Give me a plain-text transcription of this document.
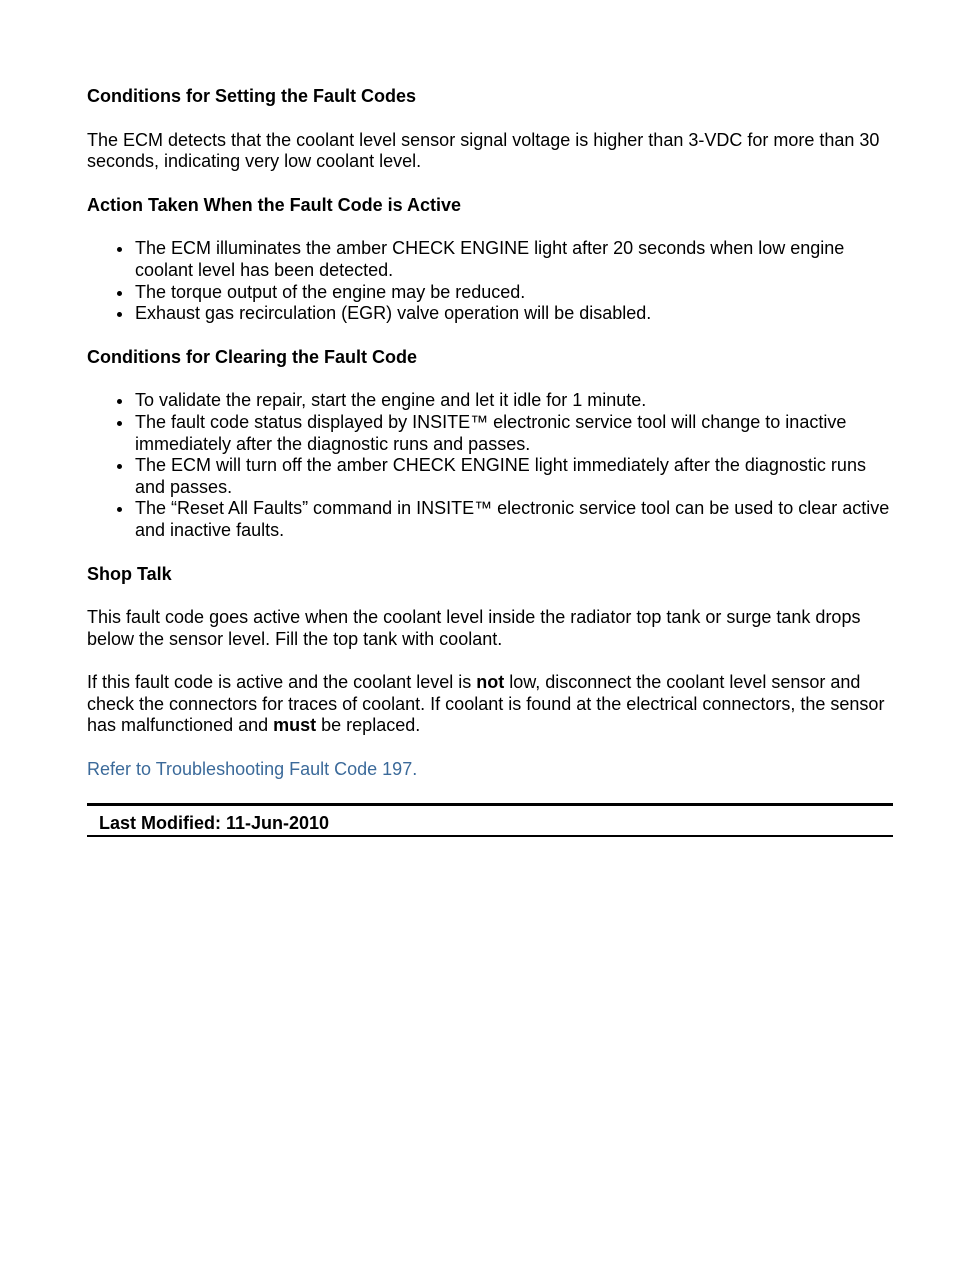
Conditions for Setting the Fault Codes

The ECM detects that the coolant level sensor signal voltage is higher than 3-VDC for more than 30 seconds, indicating very low coolant level.

Action Taken When the Fault Code is Active
The ECM illuminates the amber CHECK ENGINE light after 20 seconds when low engine coolant level has been detected.
The torque output of the engine may be reduced.
Exhaust gas recirculation (EGR) valve operation will be disabled.
Conditions for Clearing the Fault Code
To validate the repair, start the engine and let it idle for 1 minute.
The fault code status displayed by INSITE™ electronic service tool will change to inactive immediately after the diagnostic runs and passes.
The ECM will turn off the amber CHECK ENGINE light immediately after the diagnostic runs and passes.
The “Reset All Faults” command in INSITE™ electronic service tool can be used to clear active and inactive faults.
Shop Talk

This fault code goes active when the coolant level inside the radiator top tank or surge tank drops below the sensor level. Fill the top tank with coolant.

If this fault code is active and the coolant level is not low, disconnect the coolant level sensor and check the connectors for traces of coolant. If coolant is found at the electrical connectors, the sensor has malfunctioned and must be replaced.

Refer to Troubleshooting Fault Code 197.

Last Modified: 11-Jun-2010
